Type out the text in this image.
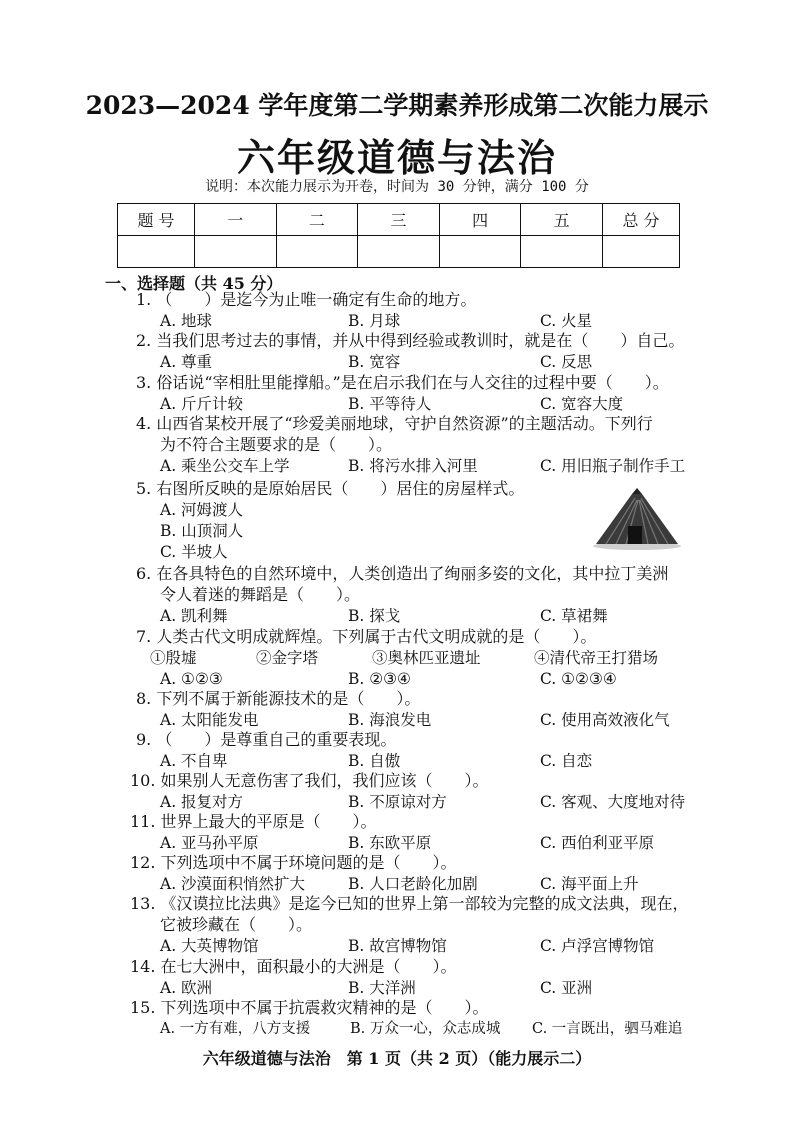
2023—2024 学年度第二学期素养形成第二次能力展示
六年级道德与法治
说明：本次能力展示为开卷，时间为 30 分钟，满分 100 分
题 号	一	二	三	四	五	总 分

一、选择题（共 45 分）
1. （　　）是迄今为止唯一确定有生命的地方。
A. 地球	B. 月球	C. 火星
2. 当我们思考过去的事情，并从中得到经验或教训时，就是在（　　）自己。
A. 尊重	B. 宽容	C. 反思
3. 俗话说“宰相肚里能撑船。”是在启示我们在与人交往的过程中要（　　）。
A. 斤斤计较	B. 平等待人	C. 宽容大度
4. 山西省某校开展了“珍爱美丽地球，守护自然资源”的主题活动。下列行
为不符合主题要求的是（　　）。
A. 乘坐公交车上学	B. 将污水排入河里	C. 用旧瓶子制作手工
5. 右图所反映的是原始居民（　　）居住的房屋样式。
A. 河姆渡人
B. 山顶洞人
C. 半坡人
6. 在各具特色的自然环境中，人类创造出了绚丽多姿的文化，其中拉丁美洲
令人着迷的舞蹈是（　　）。
A. 凯利舞	B. 探戈	C. 草裙舞
7. 人类古代文明成就辉煌。下列属于古代文明成就的是（　　）。
①殷墟	②金字塔	③奥林匹亚遗址	④清代帝王打猎场
A. ①②③	B. ②③④	C. ①②③④
8. 下列不属于新能源技术的是（　　）。
A. 太阳能发电	B. 海浪发电	C. 使用高效液化气
9. （　　）是尊重自己的重要表现。
A. 不自卑	B. 自傲	C. 自恋
10. 如果别人无意伤害了我们，我们应该（　　）。
A. 报复对方	B. 不原谅对方	C. 客观、大度地对待
11. 世界上最大的平原是（　　）。
A. 亚马孙平原	B. 东欧平原	C. 西伯利亚平原
12. 下列选项中不属于环境问题的是（　　）。
A. 沙漠面积悄然扩大	B. 人口老龄化加剧	C. 海平面上升
13. 《汉谟拉比法典》是迄今已知的世界上第一部较为完整的成文法典，现在，
它被珍藏在（　　）。
A. 大英博物馆	B. 故宫博物馆	C. 卢浮宫博物馆
14. 在七大洲中，面积最小的大洲是（　　）。
A. 欧洲	B. 大洋洲	C. 亚洲
15. 下列选项中不属于抗震救灾精神的是（　　）。
A. 一方有难，八方支援	B. 万众一心，众志成城 C. 一言既出，驷马难追
六年级道德与法治　第 1 页（共 2 页）（能力展示二）
